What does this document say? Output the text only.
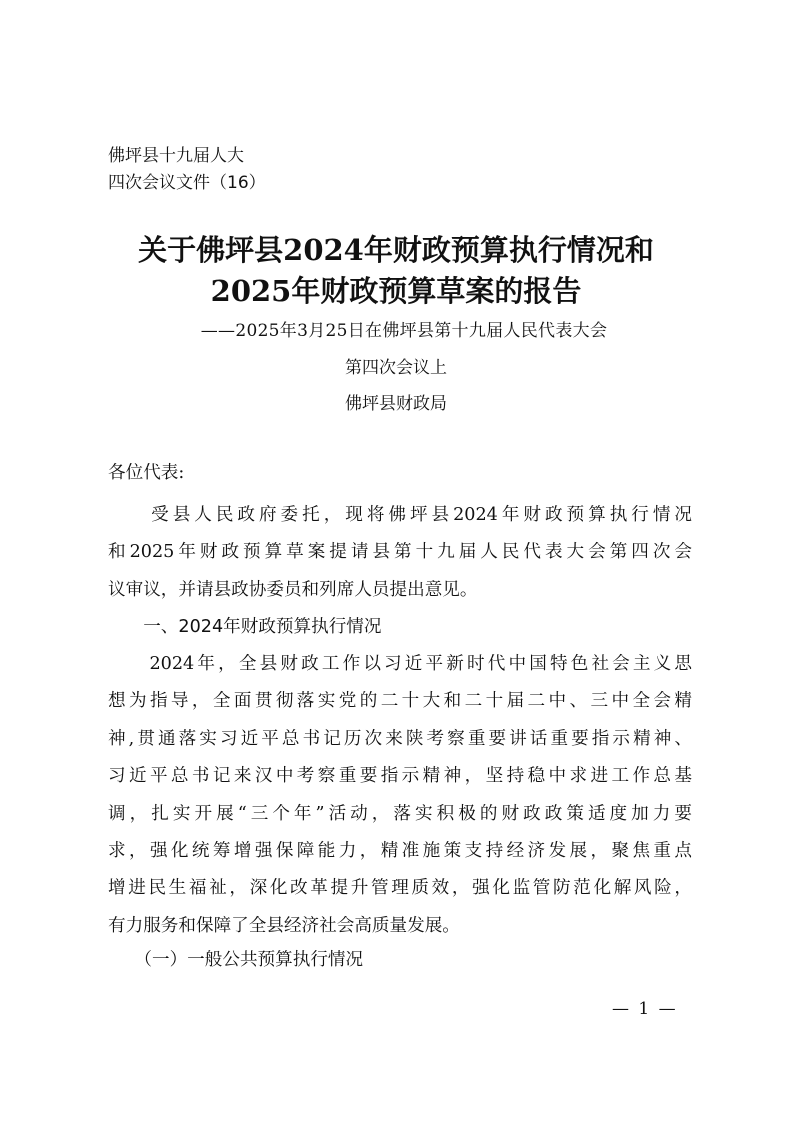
佛坪县十九届人大
四次会议文件（16）
关于佛坪县2024年财政预算执行情况和
2025年财政预算草案的报告
——2025年3月25日在佛坪县第十九届人民代表大会
第四次会议上
佛坪县财政局
各位代表:
　　受县人民政府委托，现将佛坪县2024年财政预算执行情况
和2025年财政预算草案提请县第十九届人民代表大会第四次会
议审议，并请县政协委员和列席人员提出意见。
　　一、2024年财政预算执行情况
　　2024年，全县财政工作以习近平新时代中国特色社会主义思
想为指导，全面贯彻落实党的二十大和二十届二中、三中全会精
神,贯通落实习近平总书记历次来陕考察重要讲话重要指示精神、
习近平总书记来汉中考察重要指示精神，坚持稳中求进工作总基
调，扎实开展“三个年”活动，落实积极的财政政策适度加力要
求，强化统筹增强保障能力，精准施策支持经济发展，聚焦重点
增进民生福祉，深化改革提升管理质效，强化监管防范化解风险，
有力服务和保障了全县经济社会高质量发展。
　　（一）一般公共预算执行情况
— 1 —
